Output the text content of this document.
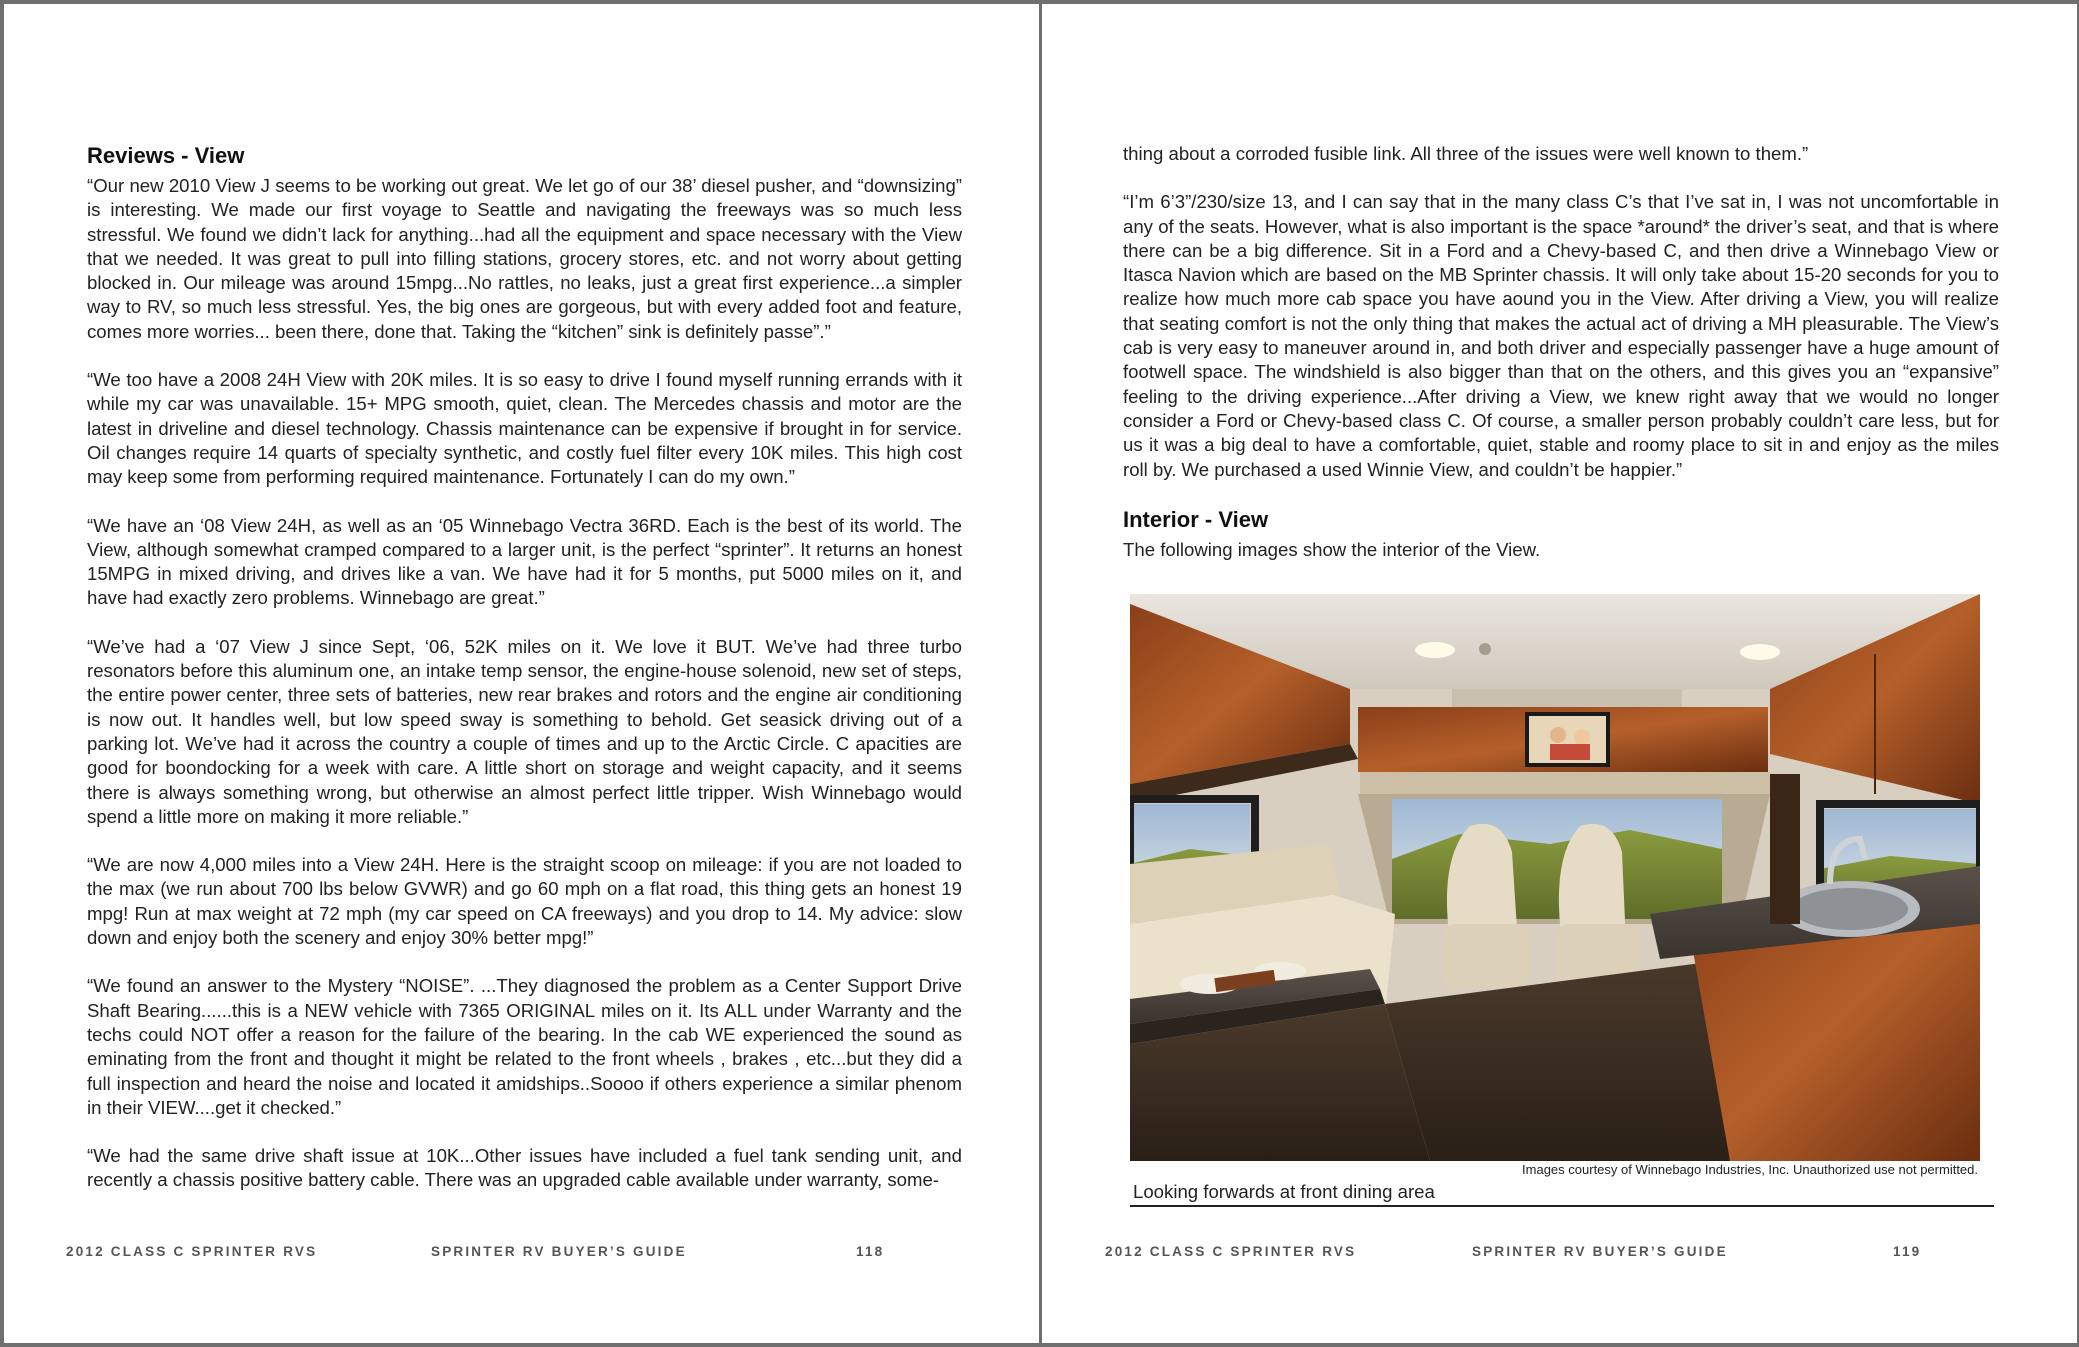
Reviews - View

“Our new 2010 View J seems to be working out great. We let go of our 38’ diesel pusher, and “downsizing” is interesting. We made our first voyage to Seattle and navigating the freeways was so much less stressful. We found we didn’t lack for anything...had all the equipment and space necessary with the View that we needed. It was great to pull into filling stations, grocery stores, etc. and not worry about getting blocked in. Our mileage was around 15mpg...No rattles, no leaks, just a great first experience...a simpler way to RV, so much less stressful. Yes, the big ones are gorgeous, but with every added foot and feature, comes more worries... been there, done that. Taking the “kitchen” sink is definitely passe”.”

“We too have a 2008 24H View with 20K miles. It is so easy to drive I found myself running errands with it while my car was unavailable. 15+ MPG smooth, quiet, clean. The Mercedes chassis and motor are the latest in driveline and diesel technology. Chassis maintenance can be expensive if brought in for service. Oil changes require 14 quarts of specialty synthetic, and costly fuel filter every 10K miles. This high cost may keep some from performing required maintenance. Fortunately I can do my own.”

“We have an ‘08 View 24H, as well as an ‘05 Winnebago Vectra 36RD. Each is the best of its world. The View, although somewhat cramped compared to a larger unit, is the perfect “sprinter”. It returns an honest 15MPG in mixed driving, and drives like a van. We have had it for 5 months, put 5000 miles on it, and have had exactly zero problems. Winnebago are great.”

“We’ve had a ‘07 View J since Sept, ‘06, 52K miles on it. We love it BUT. We’ve had three turbo resonators before this aluminum one, an intake temp sensor, the engine-house solenoid, new set of steps, the entire power center, three sets of batteries, new rear brakes and rotors and the engine air conditioning is now out. It handles well, but low speed sway is something to behold. Get seasick driving out of a parking lot. We’ve had it across the country a couple of times and up to the Arctic Circle. C apacities are good for boondocking for a week with care. A little short on storage and weight capacity, and it seems there is always something wrong, but otherwise an almost perfect little tripper. Wish Winnebago would spend a little more on making it more reliable.”

“We are now 4,000 miles into a View 24H. Here is the straight scoop on mileage: if you are not loaded to the max (we run about 700 lbs below GVWR) and go 60 mph on a flat road, this thing gets an honest 19 mpg! Run at max weight at 72 mph (my car speed on CA freeways) and you drop to 14. My advice: slow down and enjoy both the scenery and enjoy 30% better mpg!”

“We found an answer to the Mystery “NOISE”. ...They diagnosed the problem as a Center Support Drive Shaft Bearing......this is a NEW vehicle with 7365 ORIGINAL miles on it. Its ALL under Warranty and the techs could NOT offer a reason for the failure of the bearing. In the cab WE experienced the sound as eminating from the front and thought it might be related to the front wheels , brakes , etc...but they did a full inspection and heard the noise and located it amidships..Soooo if others experience a similar phenom in their VIEW....get it checked.”

“We had the same drive shaft issue at 10K...Other issues have included a fuel tank sending unit, and recently a chassis positive battery cable. There was an upgraded cable available under warranty, some-

2012 CLASS C SPRINTER RVS	SPRINTER RV BUYER’S GUIDE	118

thing about a corroded fusible link. All three of the issues were well known to them.”

“I’m 6’3”/230/size 13, and I can say that in the many class C’s that I’ve sat in, I was not uncomfortable in any of the seats. However, what is also important is the space *around* the driver’s seat, and that is where there can be a big difference. Sit in a Ford and a Chevy-based C, and then drive a Winnebago View or Itasca Navion which are based on the MB Sprinter chassis. It will only take about 15-20 seconds for you to realize how much more cab space you have aound you in the View. After driving a View, you will realize that seating comfort is not the only thing that makes the actual act of driving a MH pleasurable. The View’s cab is very easy to maneuver around in, and both driver and especially passenger have a huge amount of footwell space. The windshield is also bigger than that on the others, and this gives you an “expansive” feeling to the driving experience...After driving a View, we knew right away that we would no longer consider a Ford or Chevy-based class C. Of course, a smaller person probably couldn’t care less, but for us it was a big deal to have a comfortable, quiet, stable and roomy place to sit in and enjoy as the miles roll by. We purchased a used Winnie View, and couldn’t be happier.”

Interior - View

The following images show the interior of the View.

Images courtesy of Winnebago Industries, Inc. Unauthorized use not permitted.
Looking forwards at front dining area
2012 CLASS C SPRINTER RVS	SPRINTER RV BUYER’S GUIDE	119
